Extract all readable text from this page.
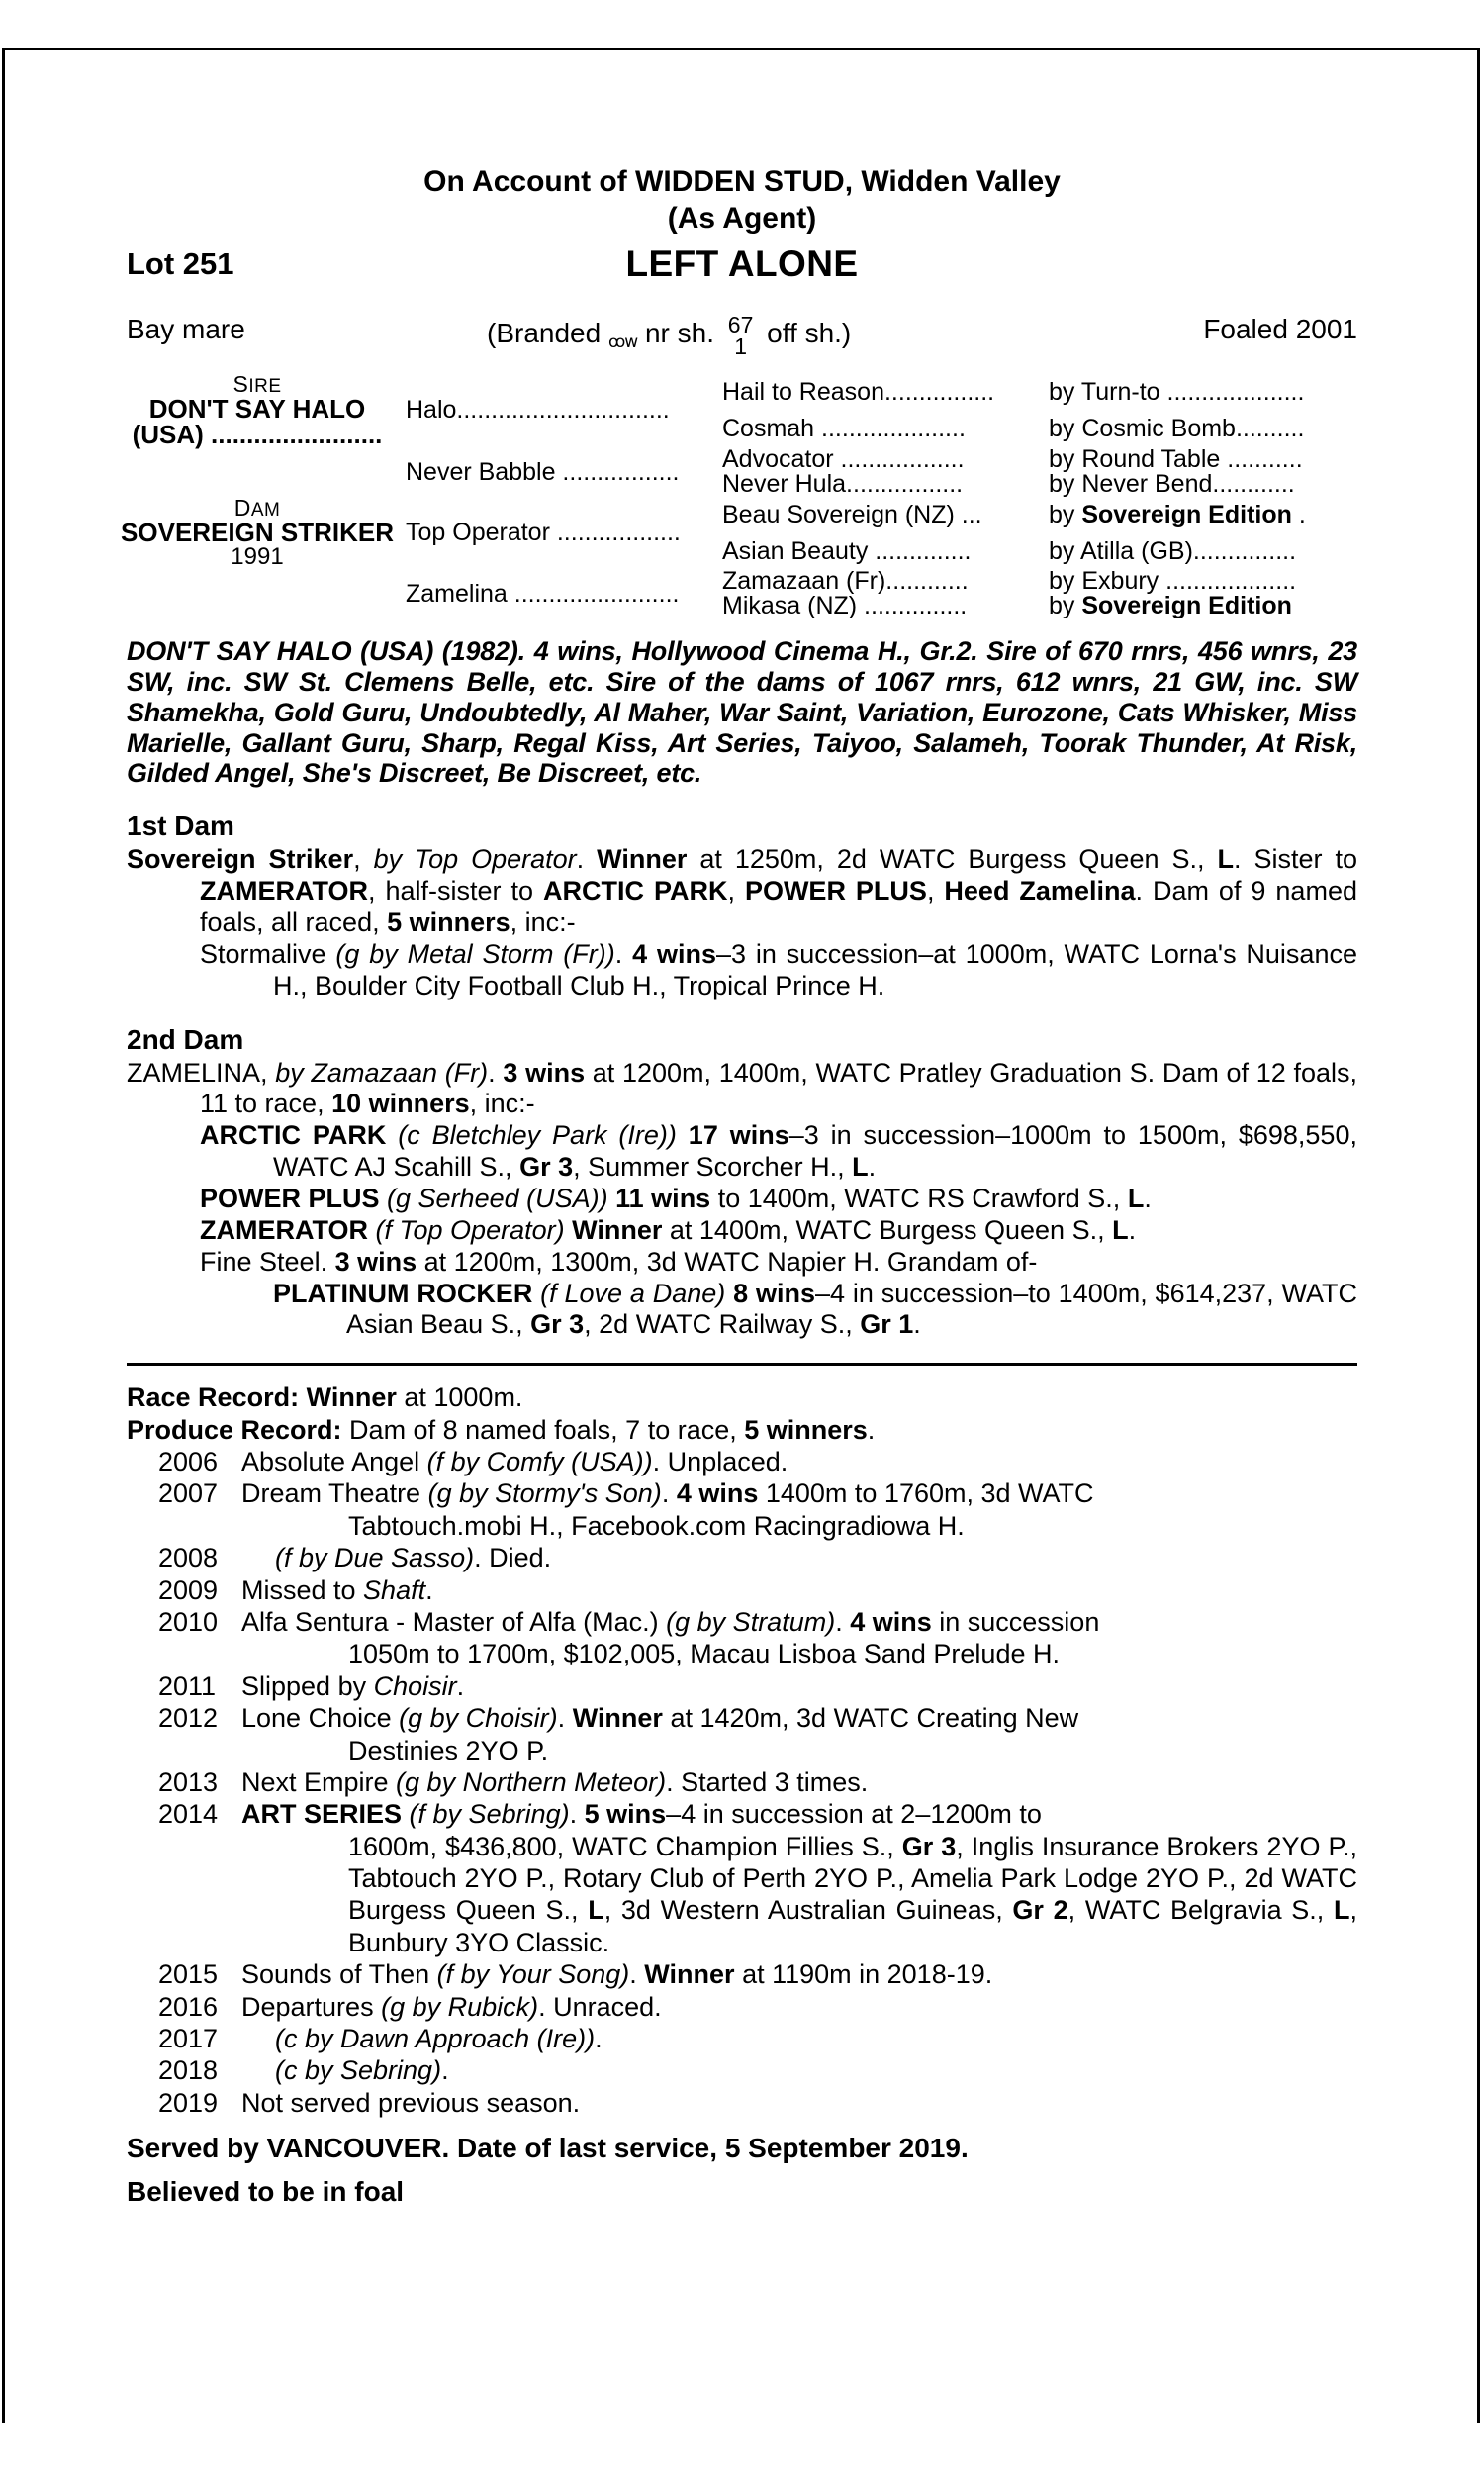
On Account of WIDDEN STUD, Widden Valley
(As Agent)
Lot 251	LEFT ALONE
Bay mare	(Branded ꝏw nr sh. 67
1 off sh.)	Foaled 2001
SIRE
DON'T SAY HALO
(USA) ........................	Halo...............................	Hail to Reason................	by Turn-to ....................

		Cosmah .....................	by Cosmic Bomb..........

	Never Babble .................	Advocator ..................	by Round Table ...........

		Never Hula.................	by Never Bend............

DAM
SOVEREIGN STRIKER
1991	Top Operator ..................	Beau Sovereign (NZ) ...	by Sovereign Edition .

		Asian Beauty ..............	by Atilla (GB)...............

	Zamelina ........................	Zamazaan (Fr)............	by Exbury ...................

		Mikasa (NZ) ...............	by Sovereign Edition
DON'T SAY HALO (USA) (1982). 4 wins, Hollywood Cinema H., Gr.2. Sire of 670 rnrs, 456 wnrs, 23 SW, inc. SW St. Clemens Belle, etc. Sire of the dams of 1067 rnrs, 612 wnrs, 21 GW, inc. SW Shamekha, Gold Guru, Undoubtedly, Al Maher, War Saint, Variation, Eurozone, Cats Whisker, Miss Marielle, Gallant Guru, Sharp, Regal Kiss, Art Series, Taiyoo, Salameh, Toorak Thunder, At Risk, Gilded Angel, She's Discreet, Be Discreet, etc.
1st Dam
Sovereign Striker, by Top Operator. Winner at 1250m, 2d WATC Burgess Queen S., L. Sister to ZAMERATOR, half-sister to ARCTIC PARK, POWER PLUS, Heed Zamelina. Dam of 9 named foals, all raced, 5 winners, inc:-
Stormalive (g by Metal Storm (Fr)). 4 wins–3 in succession–at 1000m, WATC Lorna's Nuisance H., Boulder City Football Club H., Tropical Prince H.
2nd Dam
ZAMELINA, by Zamazaan (Fr). 3 wins at 1200m, 1400m, WATC Pratley Graduation S. Dam of 12 foals, 11 to race, 10 winners, inc:-
ARCTIC PARK (c Bletchley Park (Ire)) 17 wins–3 in succession–1000m to 1500m, $698,550, WATC AJ Scahill S., Gr 3, Summer Scorcher H., L.
POWER PLUS (g Serheed (USA)) 11 wins to 1400m, WATC RS Crawford S., L.
ZAMERATOR (f Top Operator) Winner at 1400m, WATC Burgess Queen S., L.
Fine Steel. 3 wins at 1200m, 1300m, 3d WATC Napier H. Grandam of-
PLATINUM ROCKER (f Love a Dane) 8 wins–4 in succession–to 1400m, $614,237, WATC Asian Beau S., Gr 3, 2d WATC Railway S., Gr 1.
Race Record: Winner at 1000m.
Produce Record: Dam of 8 named foals, 7 to race, 5 winners.
2006 Absolute Angel (f by Comfy (USA)). Unplaced.
2007 Dream Theatre (g by Stormy's Son). 4 wins 1400m to 1760m, 3d WATC
Tabtouch.mobi H., Facebook.com Racingradiowa H.
2008	(f by Due Sasso). Died.
2009 Missed to Shaft.
2010 Alfa Sentura - Master of Alfa (Mac.) (g by Stratum). 4 wins in succession
1050m to 1700m, $102,005, Macau Lisboa Sand Prelude H.
2011 Slipped by Choisir.
2012 Lone Choice (g by Choisir). Winner at 1420m, 3d WATC Creating New
Destinies 2YO P.
2013 Next Empire (g by Northern Meteor). Started 3 times.
2014 ART SERIES (f by Sebring). 5 wins–4 in succession at 2–1200m to
1600m, $436,800, WATC Champion Fillies S., Gr 3, Inglis Insurance Brokers 2YO P., Tabtouch 2YO P., Rotary Club of Perth 2YO P., Amelia Park Lodge 2YO P., 2d WATC Burgess Queen S., L, 3d Western Australian Guineas, Gr 2, WATC Belgravia S., L, Bunbury 3YO Classic.
2015 Sounds of Then (f by Your Song). Winner at 1190m in 2018-19.
2016 Departures (g by Rubick). Unraced.
2017	(c by Dawn Approach (Ire)).
2018	(c by Sebring).
2019 Not served previous season.
Served by VANCOUVER. Date of last service, 5 September 2019.
Believed to be in foal
